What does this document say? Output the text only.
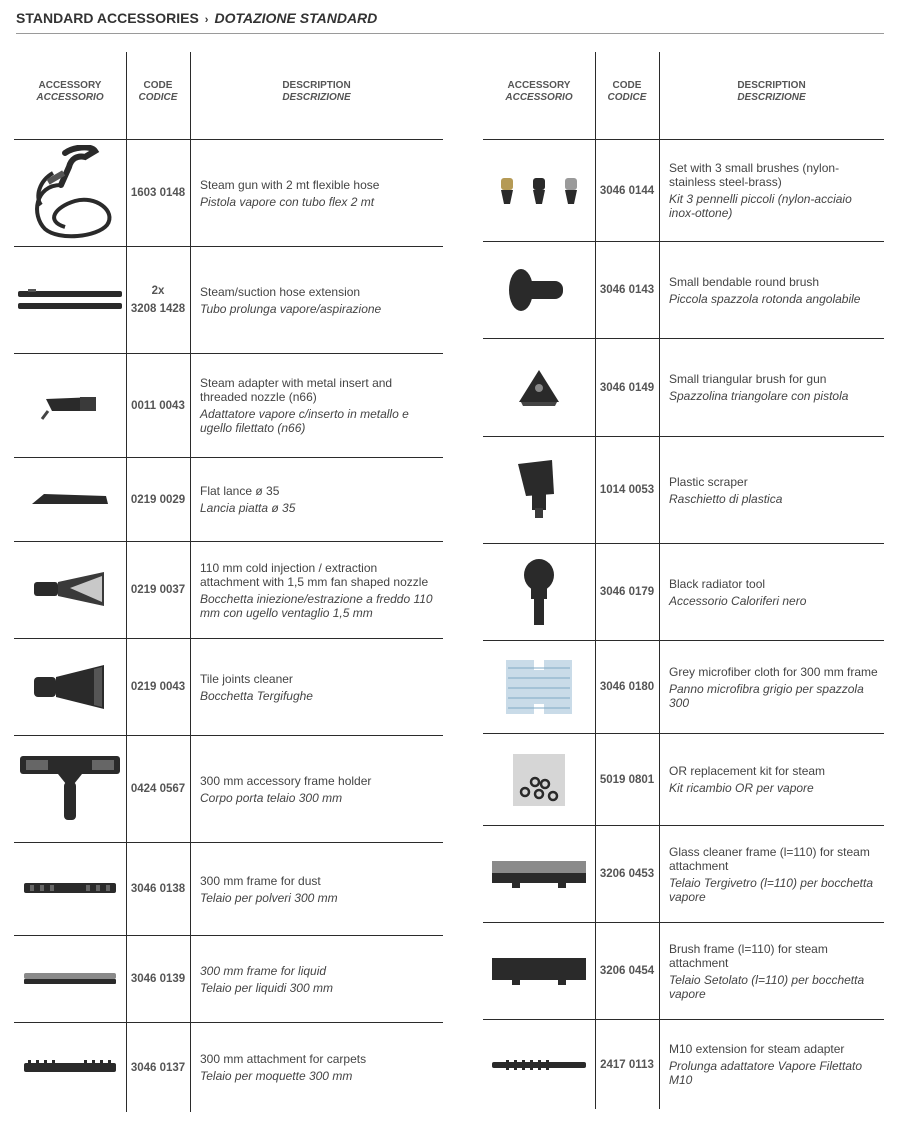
STANDARD ACCESSORIES › DOTAZIONE STANDARD
ACCESSORY
ACCESSORIO
CODE
CODICE
DESCRIPTION
DESCRIZIONE
1603 0148
Steam gun with 2 mt flexible hose
Pistola vapore con tubo flex 2 mt
2x
3208 1428
Steam/suction hose extension
Tubo prolunga vapore/aspirazione
0011 0043
Steam adapter with metal insert and threaded nozzle (n66)
Adattatore vapore c/inserto in metallo e ugello filettato (n66)
0219 0029
Flat lance ø 35
Lancia piatta ø 35
0219 0037
110 mm cold injection / extraction attachment with 1,5 mm fan shaped nozzle
Bocchetta iniezione/estrazione a freddo 110 mm con ugello ventaglio 1,5 mm
0219 0043
Tile joints cleaner
Bocchetta Tergifughe
0424 0567
300 mm accessory frame holder
Corpo porta telaio 300 mm
3046 0138
300 mm frame for dust
Telaio per polveri 300 mm
3046 0139
300 mm frame for liquid
Telaio per liquidi 300 mm
3046 0137
300 mm attachment for carpets
Telaio per moquette 300 mm
ACCESSORY
ACCESSORIO
CODE
CODICE
DESCRIPTION
DESCRIZIONE
3046 0144
Set with 3 small brushes (nylon-stainless steel-brass)
Kit 3 pennelli piccoli (nylon-acciaio inox-ottone)
3046 0143
Small bendable round brush
Piccola spazzola rotonda angolabile
3046 0149
Small triangular brush for gun
Spazzolina triangolare con pistola
1014 0053
Plastic scraper
Raschietto di plastica
3046 0179
Black radiator tool
Accessorio Caloriferi nero
3046 0180
Grey microfiber cloth for 300 mm frame
Panno microfibra grigio per spazzola 300
5019 0801
OR replacement kit for steam
Kit ricambio OR per vapore
3206 0453
Glass cleaner frame (l=110) for steam attachment
Telaio Tergivetro (l=110) per bocchetta vapore
3206 0454
Brush frame (l=110) for steam attachment
Telaio Setolato (l=110) per bocchetta vapore
2417 0113
M10 extension for steam adapter
Prolunga adattatore Vapore Filettato M10
